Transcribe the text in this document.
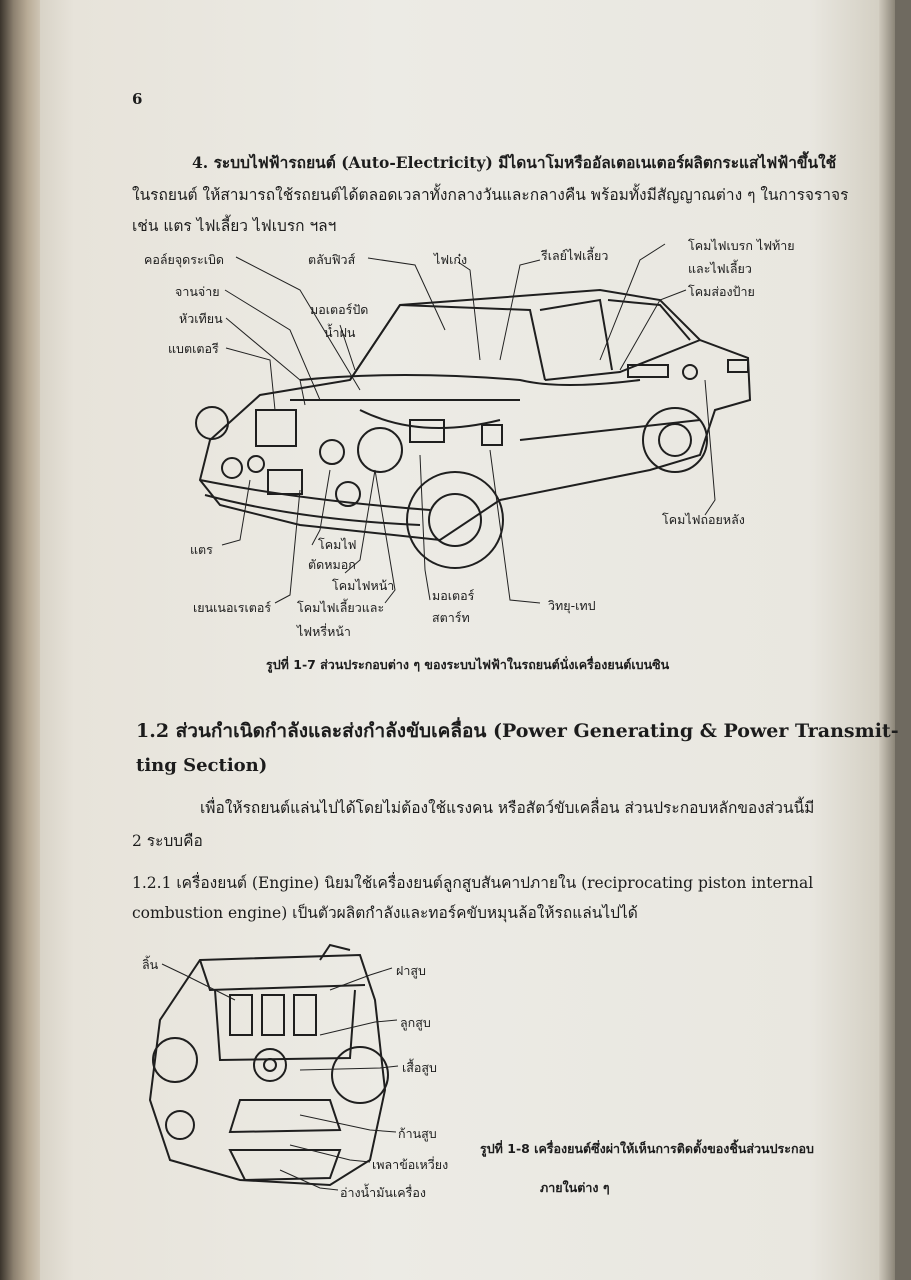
6
4. ระบบไฟฟ้ารถยนต์ (Auto-Electricity) มีไดนาโมหรืออัลเตอเนเตอร์ผลิตกระแสไฟฟ้าขึ้นใช้
ในรถยนต์ ให้สามารถใช้รถยนต์ได้ตลอดเวลาทั้งกลางวันและกลางคืน พร้อมทั้งมีสัญญาณต่าง ๆ ในการจราจร
เช่น แตร ไฟเลี้ยว ไฟเบรก ฯลฯ
คอล์ยจุดระเบิด	ตลับฟิวส์	ไฟเก๋ง	รีเลย์ไฟเลี้ยว
โคมไฟเบรก ไฟท้าย
และไฟเลี้ยว
จานจ่าย	โคมส่องป้าย
มอเตอร์ปัด
น้ำฝน
หัวเทียน
แบตเตอรี
โคมไฟถอยหลัง
แตร	โคมไฟ
ตัดหมอก
โคมไฟหน้า
เยนเนอเรเตอร์ โคมไฟเลี้ยวและ
ไฟหรี่หน้า
มอเตอร์
สตาร์ท
วิทยุ-เทป
รูปที่ 1-7 ส่วนประกอบต่าง ๆ ของระบบไฟฟ้าในรถยนต์นั่งเครื่องยนต์เบนซิน
1.2 ส่วนกำเนิดกำลังและส่งกำลังขับเคลื่อน (Power Generating & Power Transmit-
ting Section)
เพื่อให้รถยนต์แล่นไปได้โดยไม่ต้องใช้แรงคน หรือสัตว์ขับเคลื่อน ส่วนประกอบหลักของส่วนนี้มี
2 ระบบคือ
1.2.1 เครื่องยนต์ (Engine) นิยมใช้เครื่องยนต์ลูกสูบสันคาปภายใน (reciprocating piston internal
combustion engine) เป็นตัวผลิตกำลังและทอร์คขับหมุนล้อให้รถแล่นไปได้
ลิ้น	ฝาสูบ
ลูกสูบ
เสื้อสูบ
ก้านสูบ
เพลาข้อเหวี่ยง
อ่างน้ำมันเครื่อง
รูปที่ 1-8 เครื่องยนต์ซึ่งผ่าให้เห็นการติดตั้งของชิ้นส่วนประกอบ
ภายในต่าง ๆ
